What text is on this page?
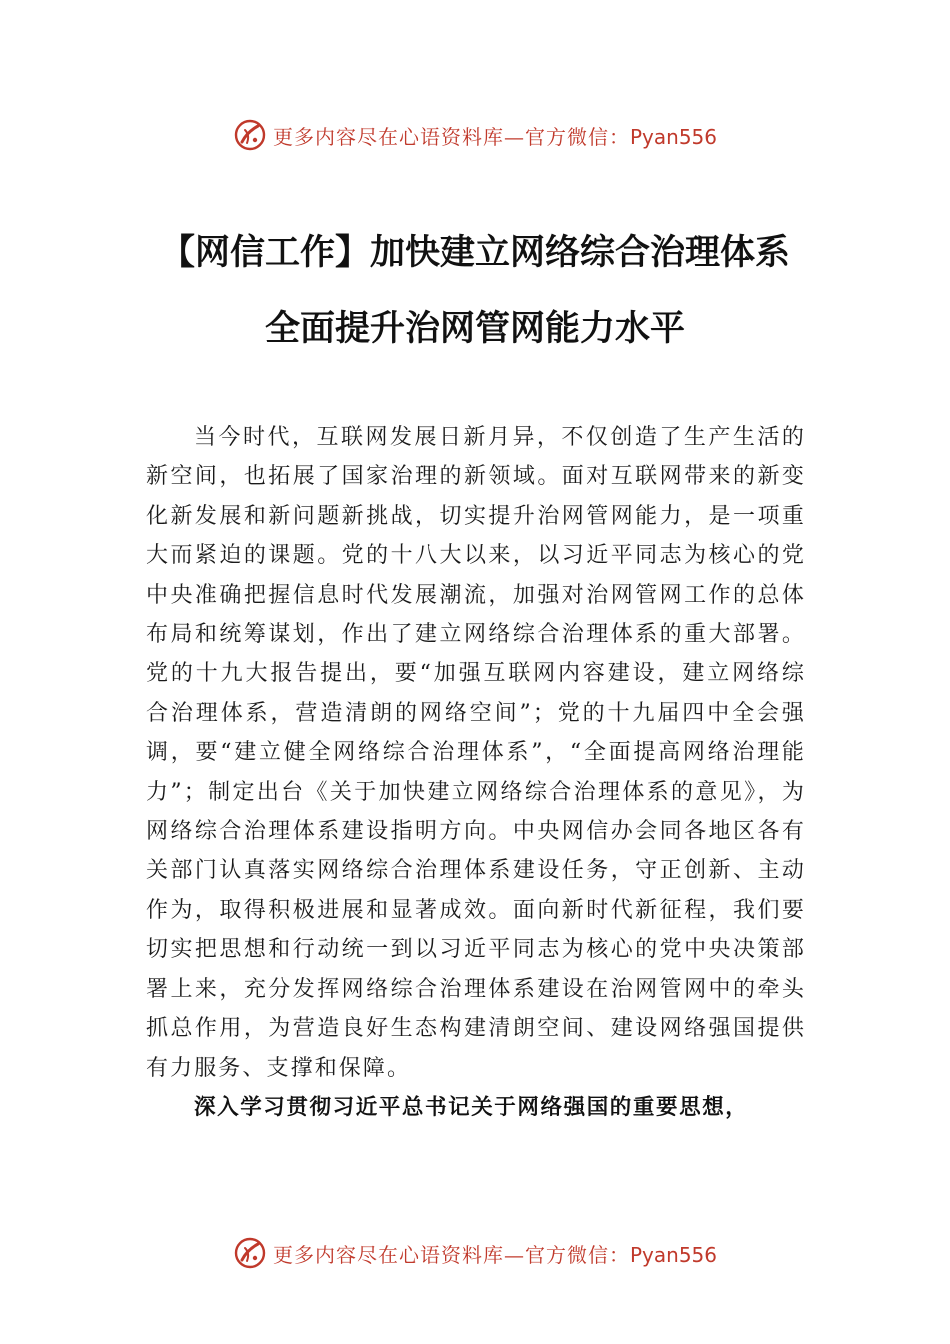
更多内容尽在心语资料库—官方微信：Pyan556
【网信工作】加快建立网络综合治理体系
全面提升治网管网能力水平

当今时代，互联网发展日新月异，不仅创造了生产生活的新空间，也拓展了国家治理的新领域。面对互联网带来的新变化新发展和新问题新挑战，切实提升治网管网能力，是一项重大而紧迫的课题。党的十八大以来，以习近平同志为核心的党中央准确把握信息时代发展潮流，加强对治网管网工作的总体布局和统筹谋划，作出了建立网络综合治理体系的重大部署。党的十九大报告提出，要“加强互联网内容建设，建立网络综合治理体系，营造清朗的网络空间”；党的十九届四中全会强调，要“建立健全网络综合治理体系”，“全面提高网络治理能力”；制定出台《关于加快建立网络综合治理体系的意见》，为网络综合治理体系建设指明方向。中央网信办会同各地区各有关部门认真落实网络综合治理体系建设任务，守正创新、主动作为，取得积极进展和显著成效。面向新时代新征程，我们要切实把思想和行动统一到以习近平同志为核心的党中央决策部署上来，充分发挥网络综合治理体系建设在治网管网中的牵头抓总作用，为营造良好生态构建清朗空间、建设网络强国提供有力服务、支撑和保障。

深入学习贯彻习近平总书记关于网络强国的重要思想，
更多内容尽在心语资料库—官方微信：Pyan556
